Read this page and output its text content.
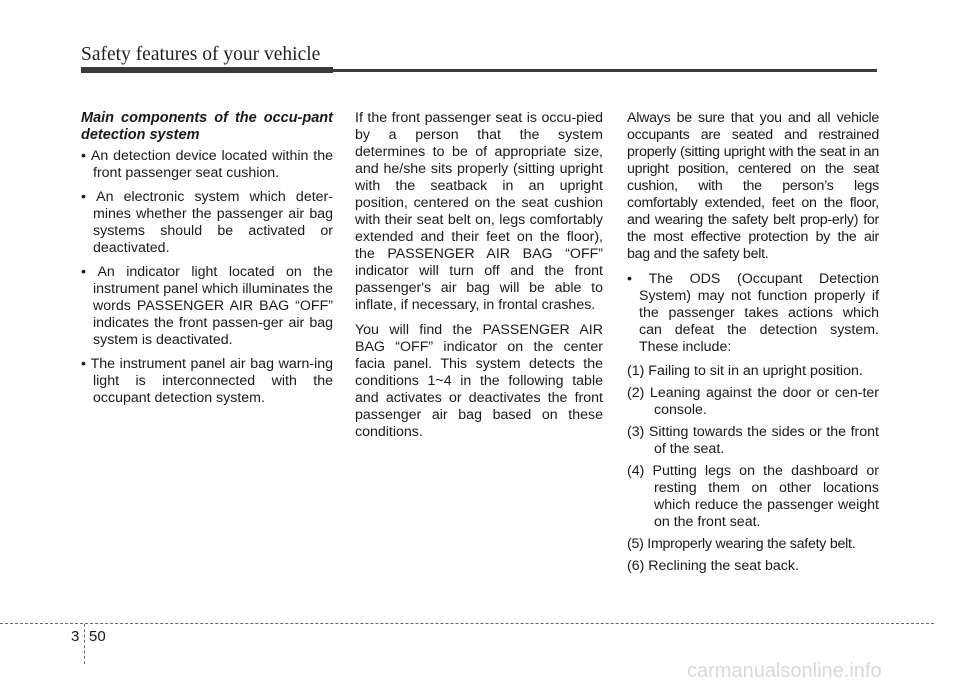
Safety features of your vehicle
Main components of the occu-pant detection system
• An detection device located within the front passenger seat cushion.
• An electronic system which deter-mines whether the passenger air bag systems should be activated or deactivated.
• An indicator light located on the instrument panel which illuminates the words PASSENGER AIR BAG “OFF” indicates the front passen-ger air bag system is deactivated.
• The instrument panel air bag warn-ing light is interconnected with the occupant detection system.

If the front passenger seat is occu-pied by a person that the system determines to be of appropriate size, and he/she sits properly (sitting upright with the seatback in an upright position, centered on the seat cushion with their seat belt on, legs comfortably extended and their feet on the floor), the PASSENGER AIR BAG “OFF” indicator will turn off and the front passenger's air bag will be able to inflate, if necessary, in frontal crashes.

You will find the PASSENGER AIR BAG “OFF” indicator on the center facia panel. This system detects the conditions 1~4 in the following table and activates or deactivates the front passenger air bag based on these conditions.

Always be sure that you and all vehicle occupants are seated and restrained properly (sitting upright with the seat in an upright position, centered on the seat cushion, with the person’s legs comfortably extended, feet on the floor, and wearing the safety belt prop-erly) for the most effective protection by the air bag and the safety belt.

• The ODS (Occupant Detection System) may not function properly if the passenger takes actions which can defeat the detection system. These include:
(1) Failing to sit in an upright position.
(2) Leaning against the door or cen-ter console.
(3) Sitting towards the sides or the front of the seat.
(4) Putting legs on the dashboard or resting them on other locations which reduce the passenger weight on the front seat.
(5) Improperly wearing the safety belt.
(6) Reclining the seat back.
3 50
carmanualsonline.info
